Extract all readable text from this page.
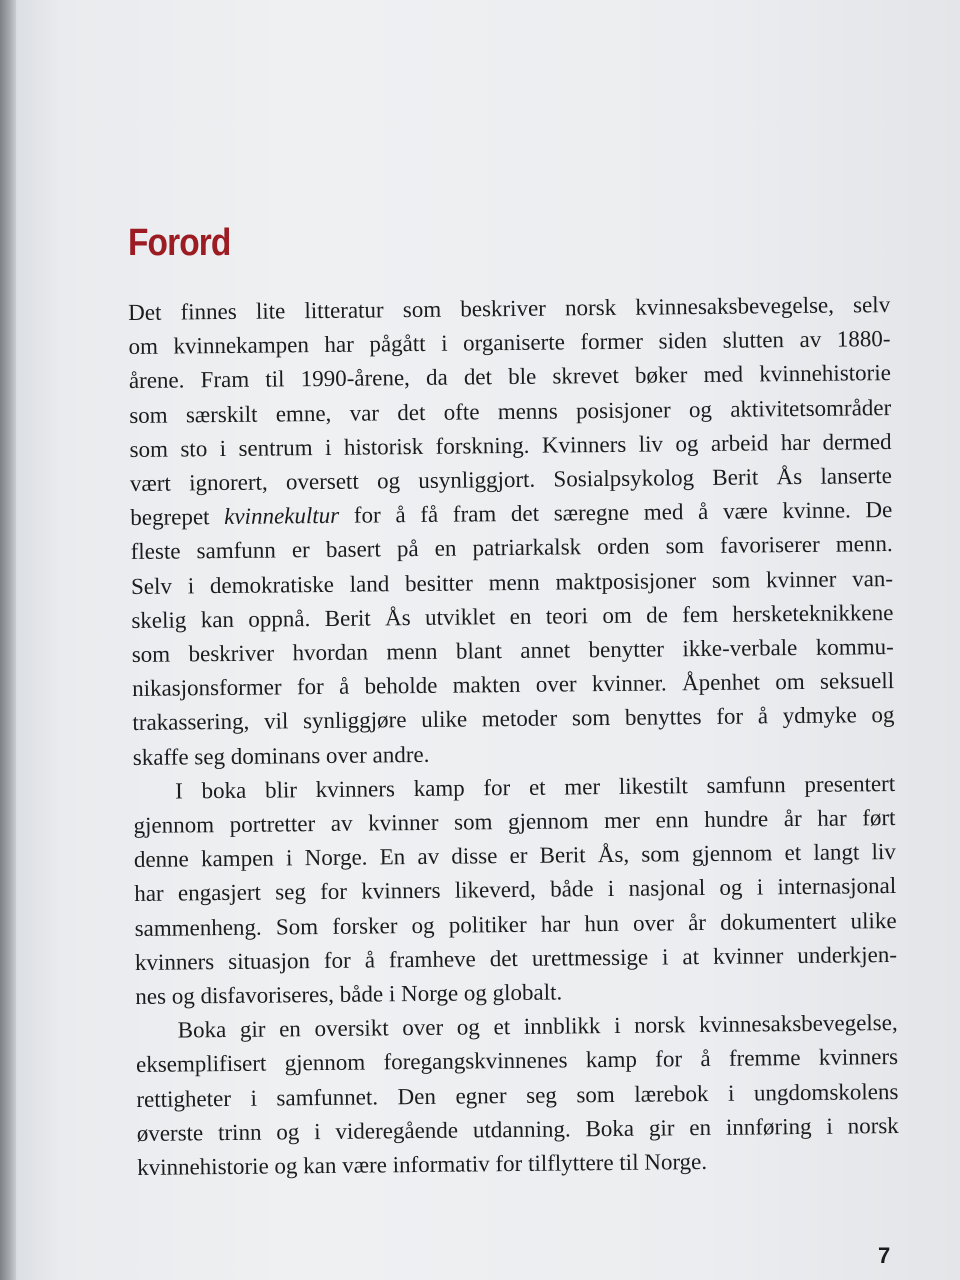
Forord
Det finnes lite litteratur som beskriver norsk kvinnesaksbevegelse, selv
om kvinnekampen har pågått i organiserte former siden slutten av 1880-
årene. Fram til 1990-årene, da det ble skrevet bøker med kvinnehistorie
som særskilt emne, var det ofte menns posisjoner og aktivitetsområder
som sto i sentrum i historisk forskning. Kvinners liv og arbeid har dermed
vært ignorert, oversett og usynliggjort. Sosialpsykolog Berit Ås lanserte
begrepet kvinnekultur for å få fram det særegne med å være kvinne. De
fleste samfunn er basert på en patriarkalsk orden som favoriserer menn.
Selv i demokratiske land besitter menn maktposisjoner som kvinner van-
skelig kan oppnå. Berit Ås utviklet en teori om de fem hersketeknikkene
som beskriver hvordan menn blant annet benytter ikke-verbale kommu-
nikasjonsformer for å beholde makten over kvinner. Åpenhet om seksuell
trakassering, vil synliggjøre ulike metoder som benyttes for å ydmyke og
skaffe seg dominans over andre.
I boka blir kvinners kamp for et mer likestilt samfunn presentert
gjennom portretter av kvinner som gjennom mer enn hundre år har ført
denne kampen i Norge. En av disse er Berit Ås, som gjennom et langt liv
har engasjert seg for kvinners likeverd, både i nasjonal og i internasjonal
sammenheng. Som forsker og politiker har hun over år dokumentert ulike
kvinners situasjon for å framheve det urettmessige i at kvinner underkjen-
nes og disfavoriseres, både i Norge og globalt.
Boka gir en oversikt over og et innblikk i norsk kvinnesaksbevegelse,
eksemplifisert gjennom foregangskvinnenes kamp for å fremme kvinners
rettigheter i samfunnet. Den egner seg som lærebok i ungdomskolens
øverste trinn og i videregående utdanning. Boka gir en innføring i norsk
kvinnehistorie og kan være informativ for tilflyttere til Norge.
7
